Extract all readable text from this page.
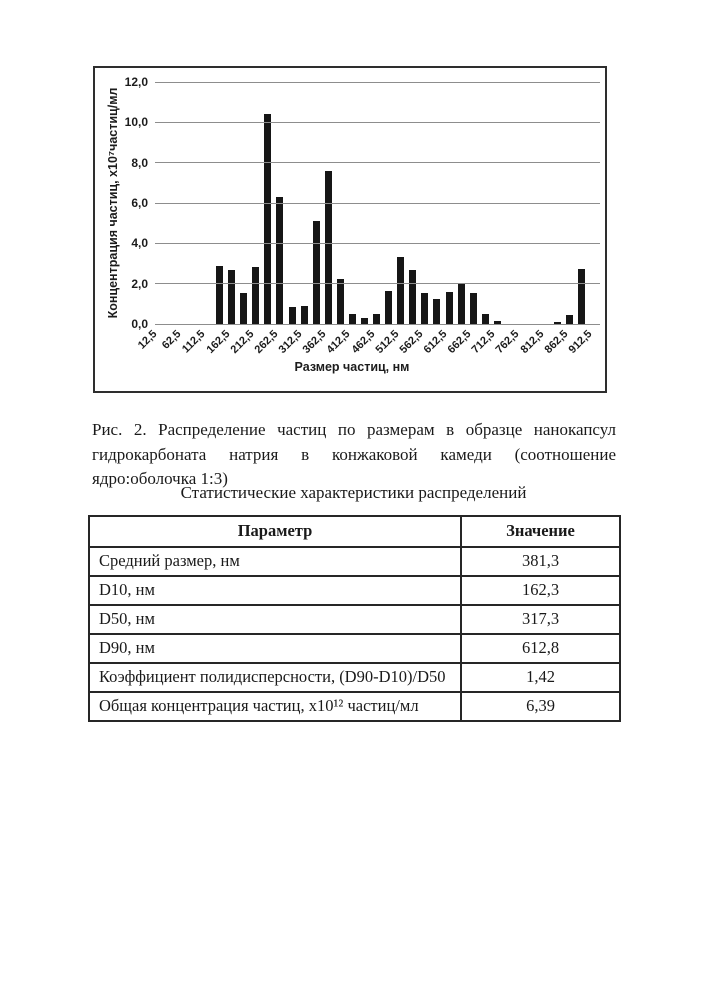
Концентрация частиц, х10⁷частиц/мл
0,0
2,0
4,0
6,0
8,0
10,0
12,0
12,5 62,5
112,5
162,5
212,5
262,5
312,5
362,5
412,5
462,5
512,5
562,5
612,5
662,5
712,5
762,5
812,5
862,5
912,5
Размер частиц, нм

Рис. 2. Распределение частиц по размерам в образце нанокапсул гидрокарбоната натрия в конжаковой камеди (соотношение ядро:оболочка 1:3)

Статистические характеристики распределений
Параметр	Значение
Средний размер, нм	381,3
D10, нм	162,3
D50, нм	317,3
D90, нм	612,8
Коэффициент полидисперсности, (D90-D10)/D50	1,42
Общая концентрация частиц, х10¹² частиц/мл	6,39
